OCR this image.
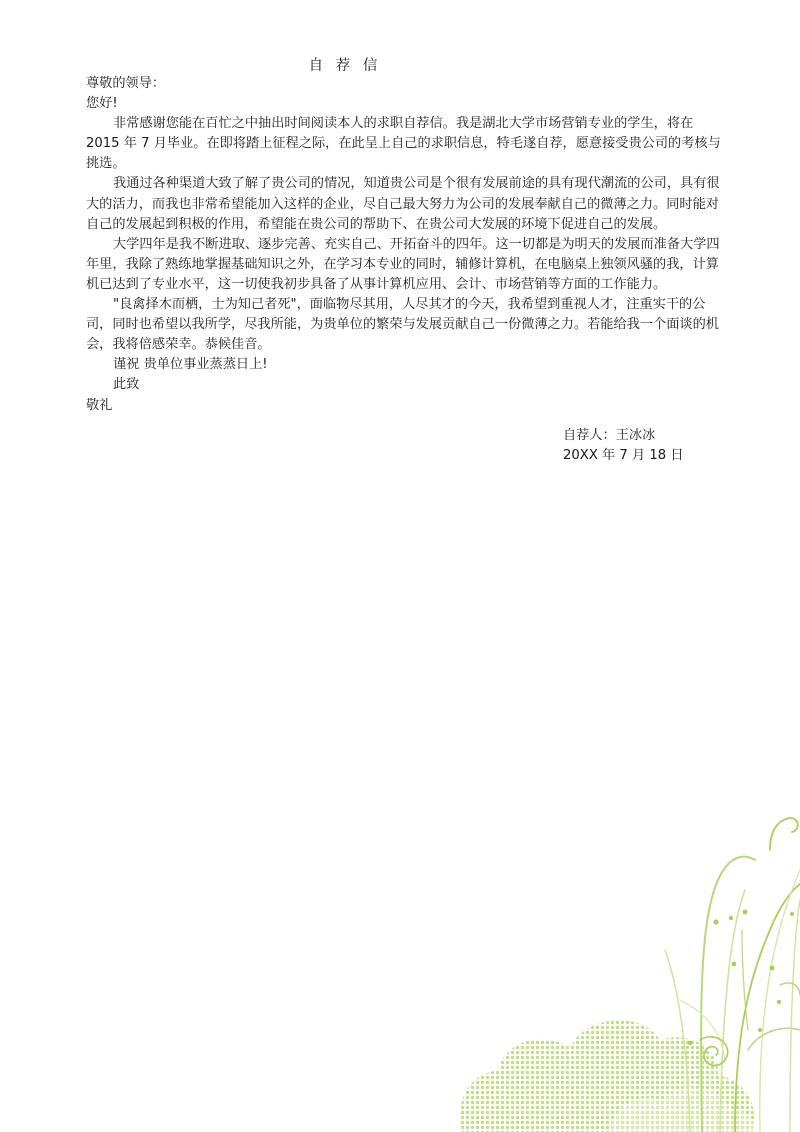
自 荐 信

尊敬的领导：

您好!

非常感谢您能在百忙之中抽出时间阅读本人的求职自荐信。我是湖北大学市场营销专业的学生，将在 2015 年 7 月毕业。在即将踏上征程之际，在此呈上自己的求职信息，特毛遂自荐，愿意接受贵公司的考核与挑选。

我通过各种渠道大致了解了贵公司的情况，知道贵公司是个很有发展前途的具有现代潮流的公司，具有很大的活力，而我也非常希望能加入这样的企业，尽自己最大努力为公司的发展奉献自己的微薄之力。同时能对自己的发展起到积极的作用，希望能在贵公司的帮助下、在贵公司大发展的环境下促进自己的发展。

大学四年是我不断进取、逐步完善、充实自己、开拓奋斗的四年。这一切都是为明天的发展而准备大学四年里，我除了熟练地掌握基础知识之外，在学习本专业的同时，辅修计算机，在电脑桌上独领风骚的我，计算机已达到了专业水平，这一切使我初步具备了从事计算机应用、会计、市场营销等方面的工作能力。

"良禽择木而栖，士为知己者死"，面临物尽其用，人尽其才的今天，我希望到重视人才，注重实干的公司，同时也希望以我所学，尽我所能，为贵单位的繁荣与发展贡献自己一份微薄之力。若能给我一个面谈的机会，我将倍感荣幸。恭候佳音。

谨祝 贵单位事业蒸蒸日上!

此致

敬礼

自荐人：王冰冰

20XX 年 7 月 18 日
